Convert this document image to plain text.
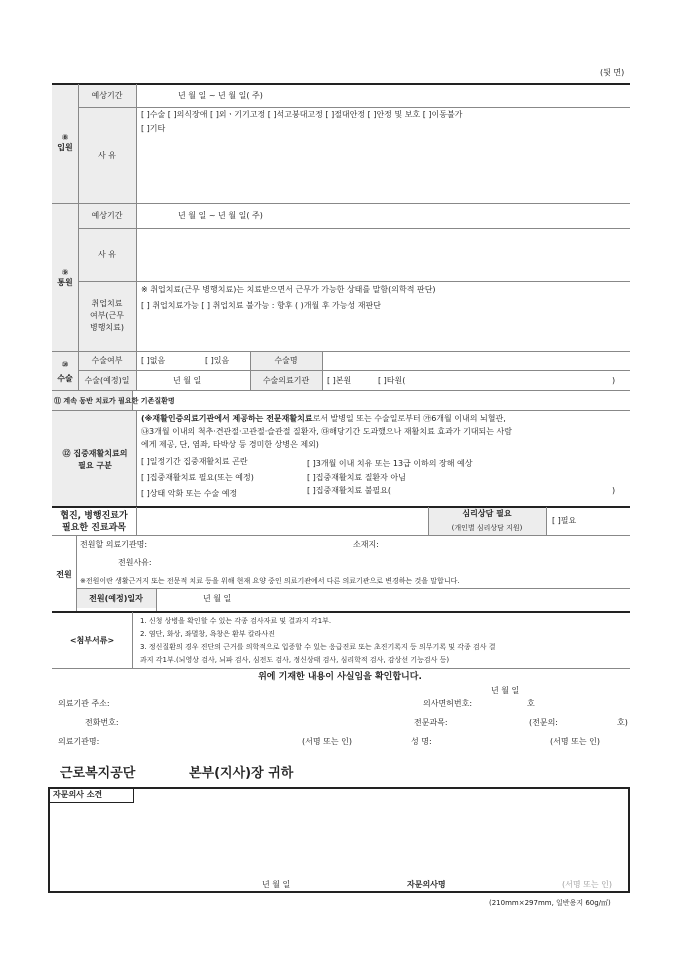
(뒷 면)
⑧
입원
예상기간	년 월 일 ~ 년 월 일( 주)
사 유
[ ]수술 [ ]의식장애 [ ]외ㆍ기기고정 [ ]석고붕대고정 [ ]절대안정 [ ]안정 및 보호 [ ]이동불가
[ ]기타
⑨
통원
예상기간	년 월 일 ~ 년 월 일( 주)
사 유
취업치료
여부(근무
병행치료)
※ 취업치료(근무 병행치료)는 치료받으면서 근무가 가능한 상태를 말함(의학적 판단)
[ ] 취업치료가능 [ ] 취업치료 불가능 : 향후 ( )개월 후 가능성 재판단
⑩
수술
수술여부 [ ]없음	[ ]있음	수술명
수술(예정)일	년 월 일	수술의료기관 [ ]본원	[ ]타원(	)
⑪ 계속 동반 치료가 필요한 기존질환명
⑫ 집중재활치료의
필요 구분
(※재활인증의료기관에서 제공하는 전문재활치료로서 발병일 또는 수술일로부터 ㉮6개월 이내의 뇌혈관,
㉯3개월 이내의 척추·견관절·고관절·슬관절 질환자, ㉰해당기간 도과했으나 재활치료 효과가 기대되는 사람
에게 제공, 단, 염좌, 타박상 등 경미한 상병은 제외)
[ ]일정기간 집중재활치료 곤란	[ ]3개월 이내 치유 또는 13급 이하의 장해 예상
[ ]집중재활치료 필요(또는 예정)	[ ]집중재활치료 질환자 아님
[ ]상태 악화 또는 수술 예정	[ ]집중재활치료 불필요(	)
협진, 병행진료가
필요한 진료과목
심리상담 필요
(개인별 심리상담 지원)
[ ]필요
전원
전원할 의료기관명:	소재지:
전원사유:
※전원이란 생활근거지 또는 전문적 치료 등을 위해 현재 요양 중인 의료기관에서 다른 의료기관으로 변경하는 것을 말합니다.
전원(예정)일자	년 월 일
<첨부서류>
1. 신청 상병을 확인할 수 있는 각종 검사자료 및 결과지 각1부.
2. 염단, 화상, 좌멸창, 욕창은 환부 칼라사진
3. 정신질환의 경우 진단의 근거를 의학적으로 입증할 수 있는 응급진료 또는 초진기록지 등 의무기록 및 각종 검사 결
과지 각1부.(뇌영상 검사, 뇌파 검사, 심전도 검사, 정신상태 검사, 심리학적 검사, 감상선 기능검사 등)
위에 기재한 내용이 사실임을 확인합니다.
년 월 일
의료기관 주소:	의사면허번호:	호
전화번호:	전문과목:	(전문의:	호)
의료기관명:	(서명 또는 인)	성 명:	(서명 또는 인)
근로복지공단	본부(지사)장 귀하
자문의사 소견
년 월 일	자문의사명	(서명 또는 인)
(210mm×297mm, 일반용지 60g/㎡)
